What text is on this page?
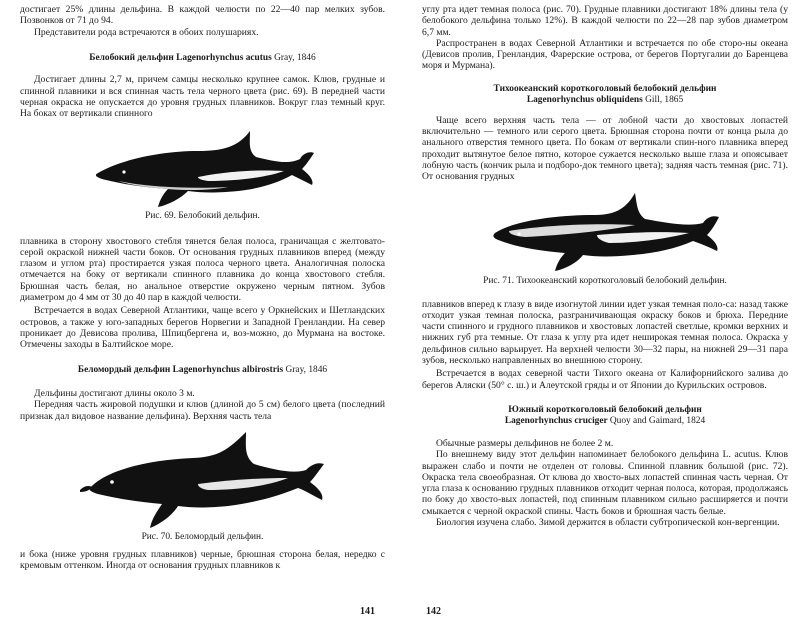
достигает 25% длины дельфина. В каждой челюсти по 22—40 пар мелких зубов. Позвонков от 71 до 94.

Представители рода встречаются в обоих полушариях.

Белобокий дельфин Lagenorhynchus acutus Gray, 1846

Достигает длины 2,7 м, причем самцы несколько крупнее самок. Клюв, грудные и спинной плавники и вся спинная часть тела черного цвета (рис. 69). В передней части черная окраска не опускается до уровня грудных плавников. Вокруг глаз темный круг. На боках от вертикали спинного

Рис. 69. Белобокий дельфин.

плавника в сторону хвостового стебля тянется белая полоса, граничащая с желтовато-серой окраской нижней части боков. От основания грудных плавников вперед (между глазом и углом рта) простирается узкая полоса черного цвета. Аналогичная полоска отмечается на боку от вертикали спинного плавника до конца хвостового стебля. Брюшная часть белая, но анальное отверстие окружено черным пятном. Зубов диаметром до 4 мм от 30 до 40 пар в каждой челюсти.

Встречается в водах Северной Атлантики, чаще всего у Оркнейских и Шетландских островов, а также у юго-западных берегов Норвегии и Западной Гренландии. На север проникает до Девисова пролива, Шпицбергена и, воз-можно, до Мурмана на востоке. Отмечены заходы в Балтийское море.

Беломордый дельфин Lagenorhynchus albirostris Gray, 1846

Дельфины достигают длины около 3 м.

Передняя часть жировой подушки и клюв (длиной до 5 см) белого цвета (последний признак дал видовое название дельфина). Верхняя часть тела

Рис. 70. Беломордый дельфин.

и бока (ниже уровня грудных плавников) черные, брюшная сторона белая, нередко с кремовым оттенком. Иногда от основания грудных плавников к

141

углу рта идет темная полоса (рис. 70). Грудные плавники достигают 18% длины тела (у белобокого дельфина только 12%). В каждой челюсти по 22—28 пар зубов диаметром 6,7 мм.

Распространен в водах Северной Атлантики и встречается по обе сторо-ны океана (Девисов пролив, Гренландия, Фарерские острова, от берегов Португалии до Баренцева моря и Мурмана).

Тихоокеанский короткоголовый белобокий дельфин
Lagenorhynchus obliquidens Gill, 1865

Чаще всего верхняя часть тела — от лобной части до хвостовых лопастей включительно — темного или серого цвета. Брюшная сторона почти от конца рыла до анального отверстия темного цвета. По бокам от вертикали спин-ного плавника вперед проходит вытянутое белое пятно, которое сужается несколько выше глаза и опоясывает лобную часть (кончик рыла и подборо-док темного цвета); задняя часть темная (рис. 71). От основания грудных

Рис. 71. Тихоокеанский короткоголовый белобокий дельфин.

плавников вперед к глазу в виде изогнутой линии идет узкая темная поло-са: назад также отходит узкая темная полоска, разграничивающая окраску боков и брюха. Передние части спинного и грудного плавников и хвостовых лопастей светлые, кромки верхних и нижних губ рта темные. От глаза к углу рта идет неширокая темная полоса. Окраска у дельфинов сильно варьирует. На верхней челюсти 30—32 пары, на нижней 29—31 пара зубов, несколько направленных во внешнюю сторону.

Встречается в водах северной части Тихого океана от Калифорнийского залива до берегов Аляски (50° с. ш.) и Алеутской гряды и от Японии до Курильских островов.

Южный короткоголовый белобокий дельфин
Lagenorhynchus cruciger Quoy and Gaimard, 1824

Обычные размеры дельфинов не более 2 м.

По внешнему виду этот дельфин напоминает белобокого дельфина L. acutus. Клюв выражен слабо и почти не отделен от головы. Спинной плавник большой (рис. 72). Окраска тела своеобразная. От клюва до хвосто-вых лопастей спинная часть черная. От угла глаза к основанию грудных плавников отходит черная полоса, которая, продолжаясь по боку до хвосто-вых лопастей, под спинным плавником сильно расширяется и почти смыкается с черной окраской спины. Часть боков и брюшная часть белые.

Биология изучена слабо. Зимой держится в области субтропической кон-вергенции.

142
